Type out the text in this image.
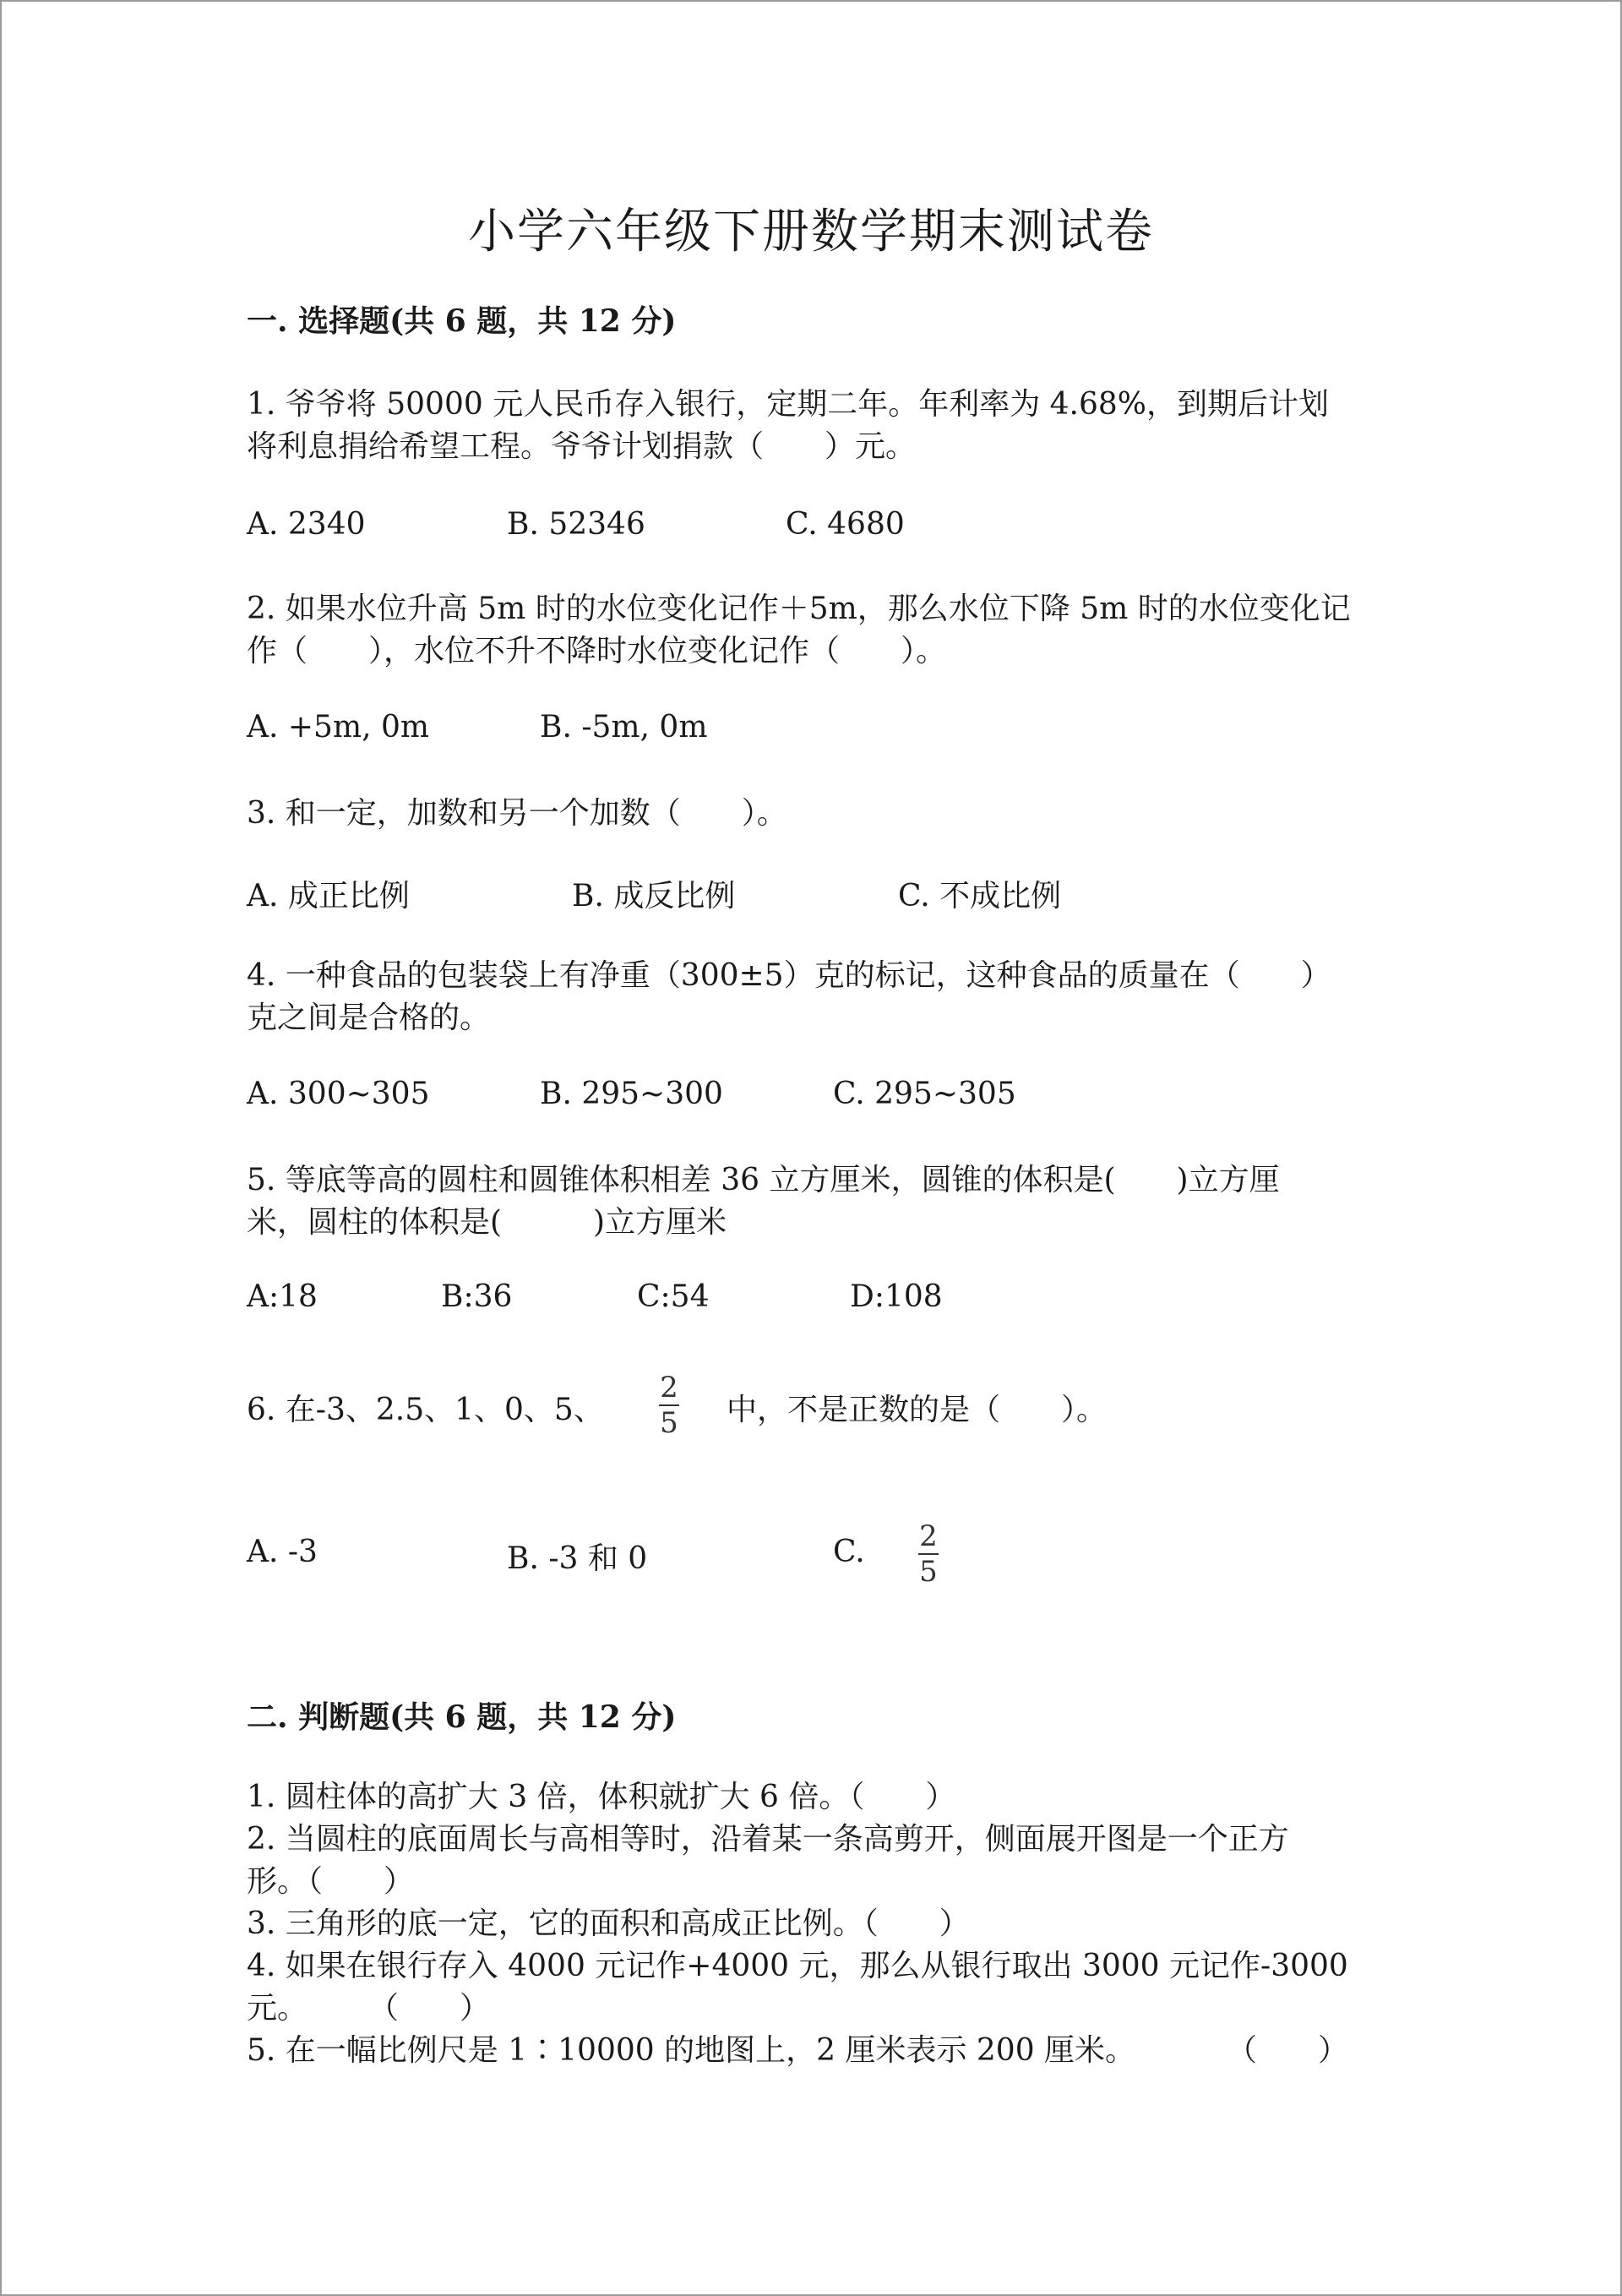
小学六年级下册数学期末测试卷
一. 选择题(共 6 题，共 12 分)
1. 爷爷将 50000 元人民币存入银行，定期二年。年利率为 4.68%，到期后计划
将利息捐给希望工程。爷爷计划捐款（　　）元。
A. 2340	B. 52346	C. 4680
2. 如果水位升高 5m 时的水位变化记作＋5m，那么水位下降 5m 时的水位变化记
作（　　），水位不升不降时水位变化记作（　　）。
A. +5m, 0m	B. -5m, 0m
3. 和一定，加数和另一个加数（　　）。
A. 成正比例	B. 成反比例	C. 不成比例
4. 一种食品的包装袋上有净重（300±5）克的标记，这种食品的质量在（　　）
克之间是合格的。
A. 300~305	B. 295~300	C. 295~305
5. 等底等高的圆柱和圆锥体积相差 36 立方厘米，圆锥的体积是(　　)立方厘
米，圆柱的体积是(　　　)立方厘米
A:18	B:36	C:54	D:108
6. 在-3、2.5、1、0、5、
2
5 中，不是正数的是（　　）。
A. -3	B. -3 和 0	C. 2
5
二. 判断题(共 6 题，共 12 分)
1. 圆柱体的高扩大 3 倍，体积就扩大 6 倍。（　　）
2. 当圆柱的底面周长与高相等时，沿着某一条高剪开，侧面展开图是一个正方
形。（　　）
3. 三角形的底一定，它的面积和高成正比例。（　　）
4. 如果在银行存入 4000 元记作+4000 元，那么从银行取出 3000 元记作-3000
元。　　　（　　）
5. 在一幅比例尺是 1∶10000 的地图上，2 厘米表示 200 厘米。　　　　（　　）
